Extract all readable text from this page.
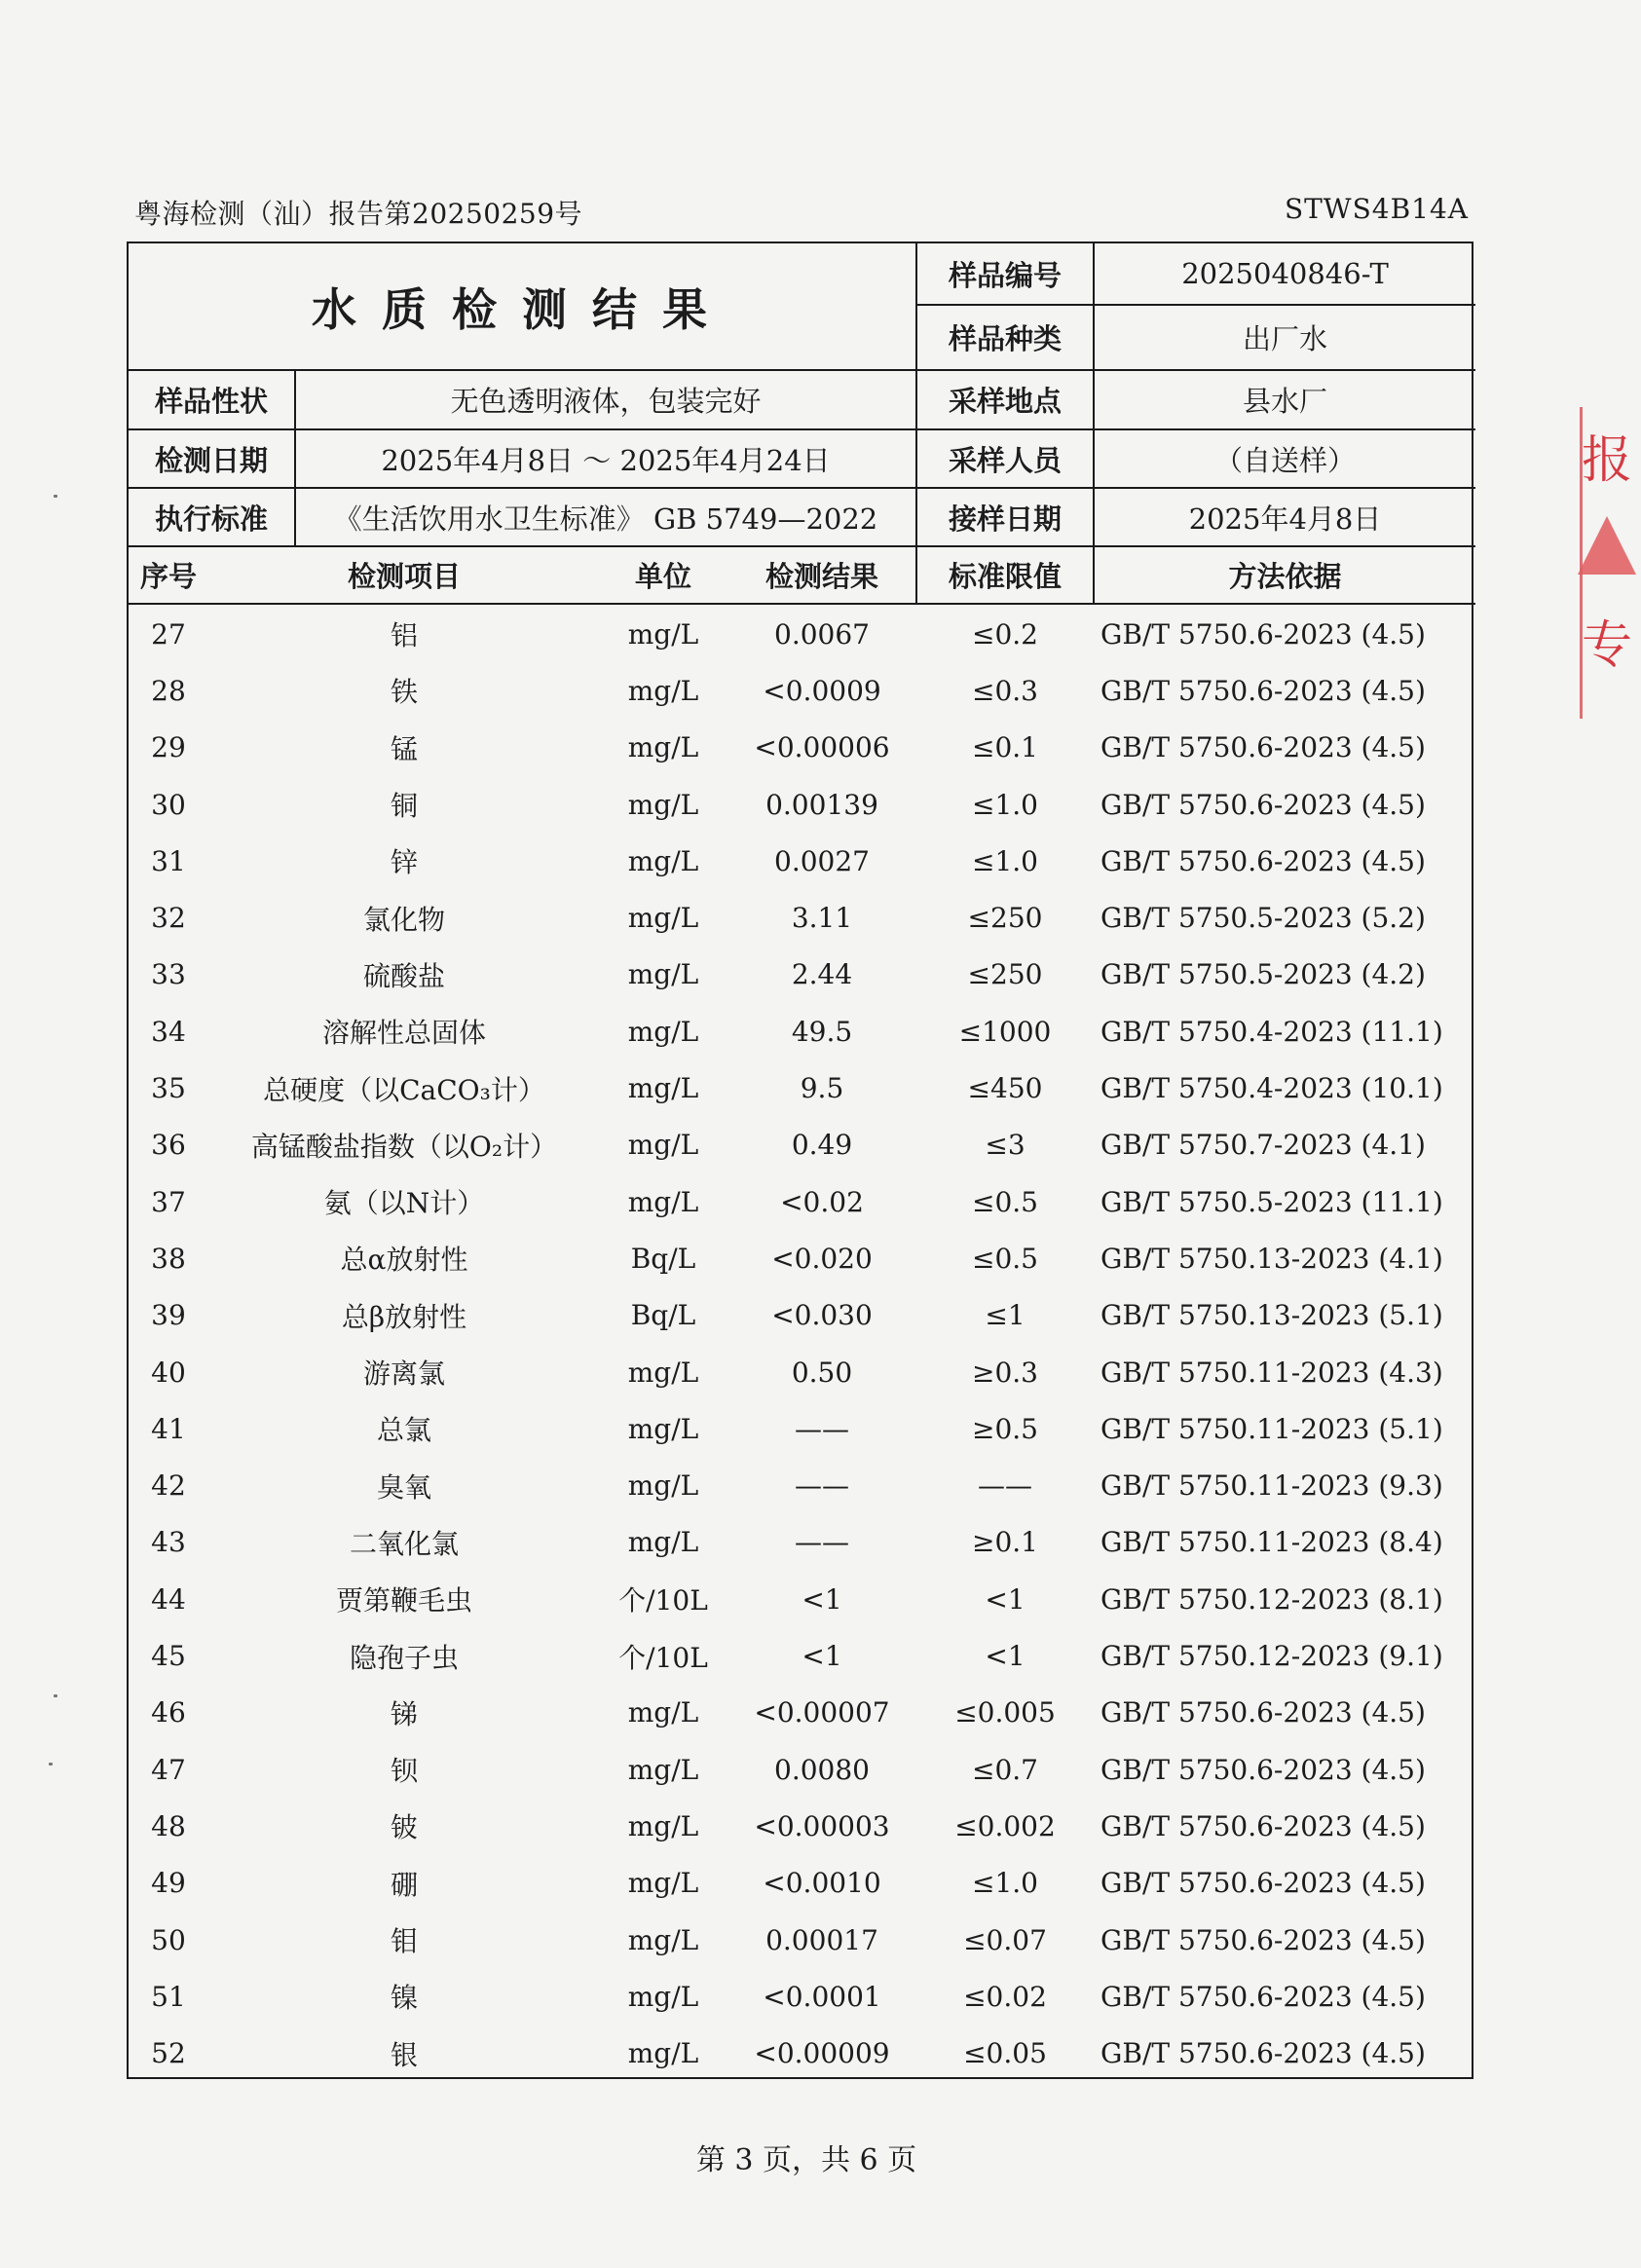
粤海检测（汕）报告第20250259号	STWS4B14A
水质检测结果
样品编号	2025040846-T
样品种类	出厂水
样品性状	无色透明液体，包装完好	采样地点	县水厂
检测日期	2025年4月8日 ～ 2025年4月24日	采样人员	（自送样）
执行标准	《生活饮用水卫生标准》 GB 5749—2022	接样日期	2025年4月8日
序号	检测项目	单位	检测结果	标准限值	方法依据
27	铝	mg/L	0.0067	≤0.2	GB/T 5750.6-2023 (4.5)
28	铁	mg/L	<0.0009	≤0.3	GB/T 5750.6-2023 (4.5)
29	锰	mg/L	<0.00006	≤0.1	GB/T 5750.6-2023 (4.5)
30	铜	mg/L	0.00139	≤1.0	GB/T 5750.6-2023 (4.5)
31	锌	mg/L	0.0027	≤1.0	GB/T 5750.6-2023 (4.5)
32	氯化物	mg/L	3.11	≤250	GB/T 5750.5-2023 (5.2)
33	硫酸盐	mg/L	2.44	≤250	GB/T 5750.5-2023 (4.2)
34	溶解性总固体	mg/L	49.5	≤1000	GB/T 5750.4-2023 (11.1)
35	总硬度（以CaCO₃计）	mg/L	9.5	≤450	GB/T 5750.4-2023 (10.1)
36	高锰酸盐指数（以O₂计）	mg/L	0.49	≤3	GB/T 5750.7-2023 (4.1)
37	氨（以N计）	mg/L	<0.02	≤0.5	GB/T 5750.5-2023 (11.1)
38	总α放射性	Bq/L	<0.020	≤0.5	GB/T 5750.13-2023 (4.1)
39	总β放射性	Bq/L	<0.030	≤1	GB/T 5750.13-2023 (5.1)
40	游离氯	mg/L	0.50	≥0.3	GB/T 5750.11-2023 (4.3)
41	总氯	mg/L	——	≥0.5	GB/T 5750.11-2023 (5.1)
42	臭氧	mg/L	——	——	GB/T 5750.11-2023 (9.3)
43	二氧化氯	mg/L	——	≥0.1	GB/T 5750.11-2023 (8.4)
44	贾第鞭毛虫	个/10L	<1	<1	GB/T 5750.12-2023 (8.1)
45	隐孢子虫	个/10L	<1	<1	GB/T 5750.12-2023 (9.1)
46	锑	mg/L	<0.00007	≤0.005	GB/T 5750.6-2023 (4.5)
47	钡	mg/L	0.0080	≤0.7	GB/T 5750.6-2023 (4.5)
48	铍	mg/L	<0.00003	≤0.002	GB/T 5750.6-2023 (4.5)
49	硼	mg/L	<0.0010	≤1.0	GB/T 5750.6-2023 (4.5)
50	钼	mg/L	0.00017	≤0.07	GB/T 5750.6-2023 (4.5)
51	镍	mg/L	<0.0001	≤0.02	GB/T 5750.6-2023 (4.5)
52	银	mg/L	<0.00009	≤0.05	GB/T 5750.6-2023 (4.5)
报
专
第 3 页，共 6 页
